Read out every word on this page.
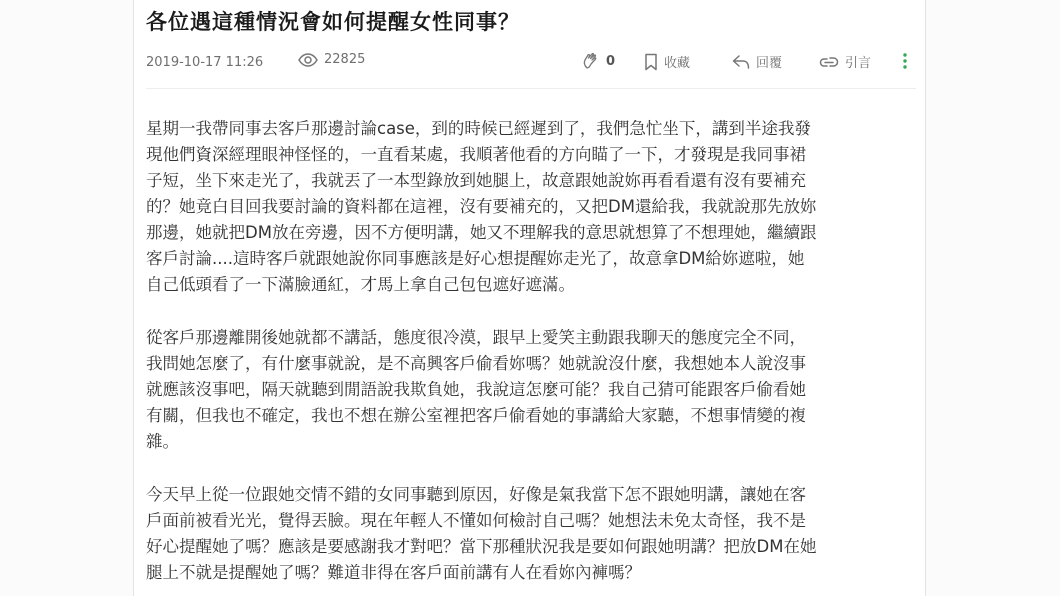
各位遇這種情況會如何提醒女性同事？
2019-10-17 11:26	22825	0	收藏	回覆	引言

星期一我帶同事去客戶那邊討論case，到的時候已經遲到了，我們急忙坐下，講到半途我發
現他們資深經理眼神怪怪的，一直看某處，我順著他看的方向瞄了一下，才發現是我同事裙
子短，坐下來走光了，我就丟了一本型錄放到她腿上，故意跟她說妳再看看還有沒有要補充
的？她竟白目回我要討論的資料都在這裡，沒有要補充的，又把DM還給我，我就說那先放妳
那邊，她就把DM放在旁邊，因不方便明講，她又不理解我的意思就想算了不想理她，繼續跟
客戶討論....這時客戶就跟她說你同事應該是好心想提醒妳走光了，故意拿DM給妳遮啦，她
自己低頭看了一下滿臉通紅，才馬上拿自己包包遮好遮滿。

從客戶那邊離開後她就都不講話，態度很冷漠，跟早上愛笑主動跟我聊天的態度完全不同，
我問她怎麼了，有什麼事就說，是不高興客戶偷看妳嗎？她就說沒什麼，我想她本人說沒事
就應該沒事吧，隔天就聽到閒語說我欺負她，我說這怎麼可能？我自己猜可能跟客戶偷看她
有關，但我也不確定，我也不想在辦公室裡把客戶偷看她的事講給大家聽，不想事情變的複
雜。

今天早上從一位跟她交情不錯的女同事聽到原因，好像是氣我當下怎不跟她明講，讓她在客
戶面前被看光光，覺得丟臉。現在年輕人不懂如何檢討自己嗎？她想法未免太奇怪，我不是
好心提醒她了嗎？應該是要感謝我才對吧？當下那種狀況我是要如何跟她明講？把放DM在她
腿上不就是提醒她了嗎？難道非得在客戶面前講有人在看妳內褲嗎？
